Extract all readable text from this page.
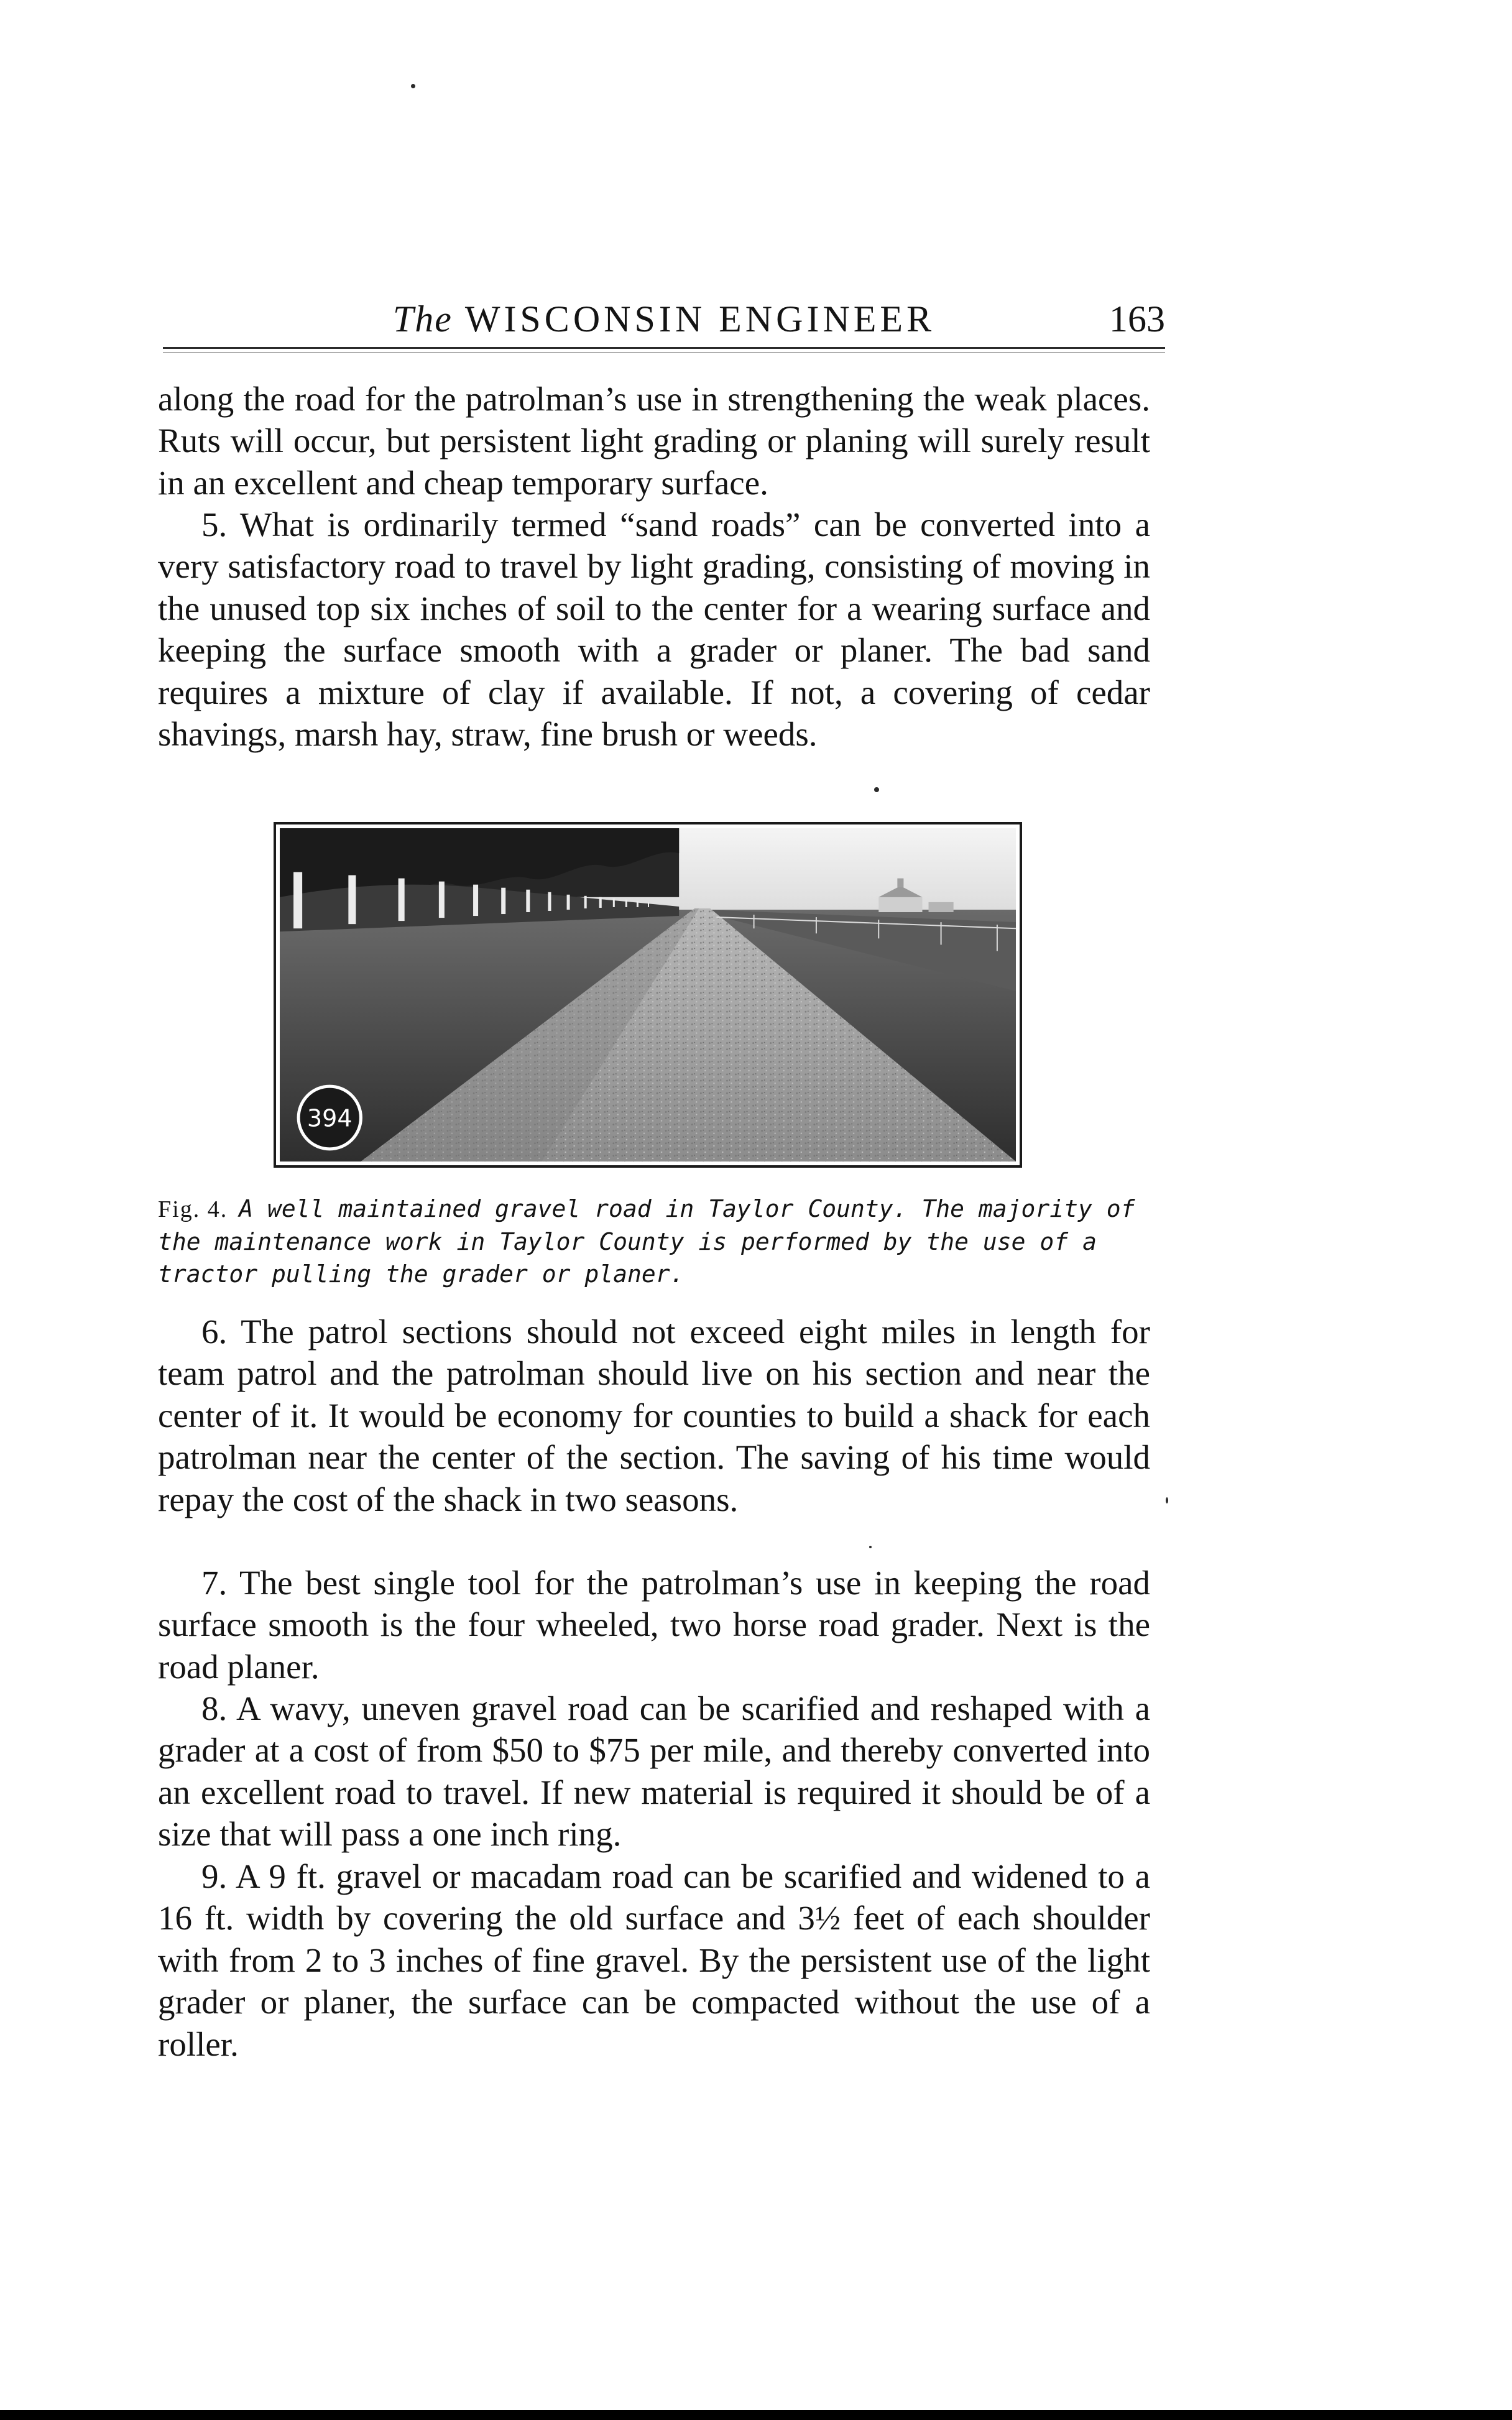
The WISCONSIN ENGINEER	163

along the road for the patrolman’s use in strengthening the weak places. Ruts will occur, but persistent light grading or planing will surely result in an excellent and cheap temporary surface.

5. What is ordinarily termed “sand roads” can be converted into a very satisfactory road to travel by light grading, consisting of moving in the unused top six inches of soil to the center for a wearing surface and keeping the surface smooth with a grader or planer. The bad sand requires a mixture of clay if available. If not, a covering of cedar shavings, marsh hay, straw, fine brush or weeds.

394

Fig. 4. A well maintained gravel road in Taylor County. The majority of the maintenance work in Taylor County is performed by the use of a tractor pulling the grader or planer.

6. The patrol sections should not exceed eight miles in length for team patrol and the patrolman should live on his section and near the center of it. It would be economy for counties to build a shack for each patrolman near the center of the section. The saving of his time would repay the cost of the shack in two seasons.

7. The best single tool for the patrolman’s use in keeping the road surface smooth is the four wheeled, two horse road grader. Next is the road planer.

8. A wavy, uneven gravel road can be scarified and reshaped with a grader at a cost of from $50 to $75 per mile, and thereby converted into an excellent road to travel. If new material is required it should be of a size that will pass a one inch ring.

9. A 9 ft. gravel or macadam road can be scarified and widened to a 16 ft. width by covering the old surface and 3½ feet of each shoulder with from 2 to 3 inches of fine gravel. By the persistent use of the light grader or planer, the surface can be compacted without the use of a roller.
